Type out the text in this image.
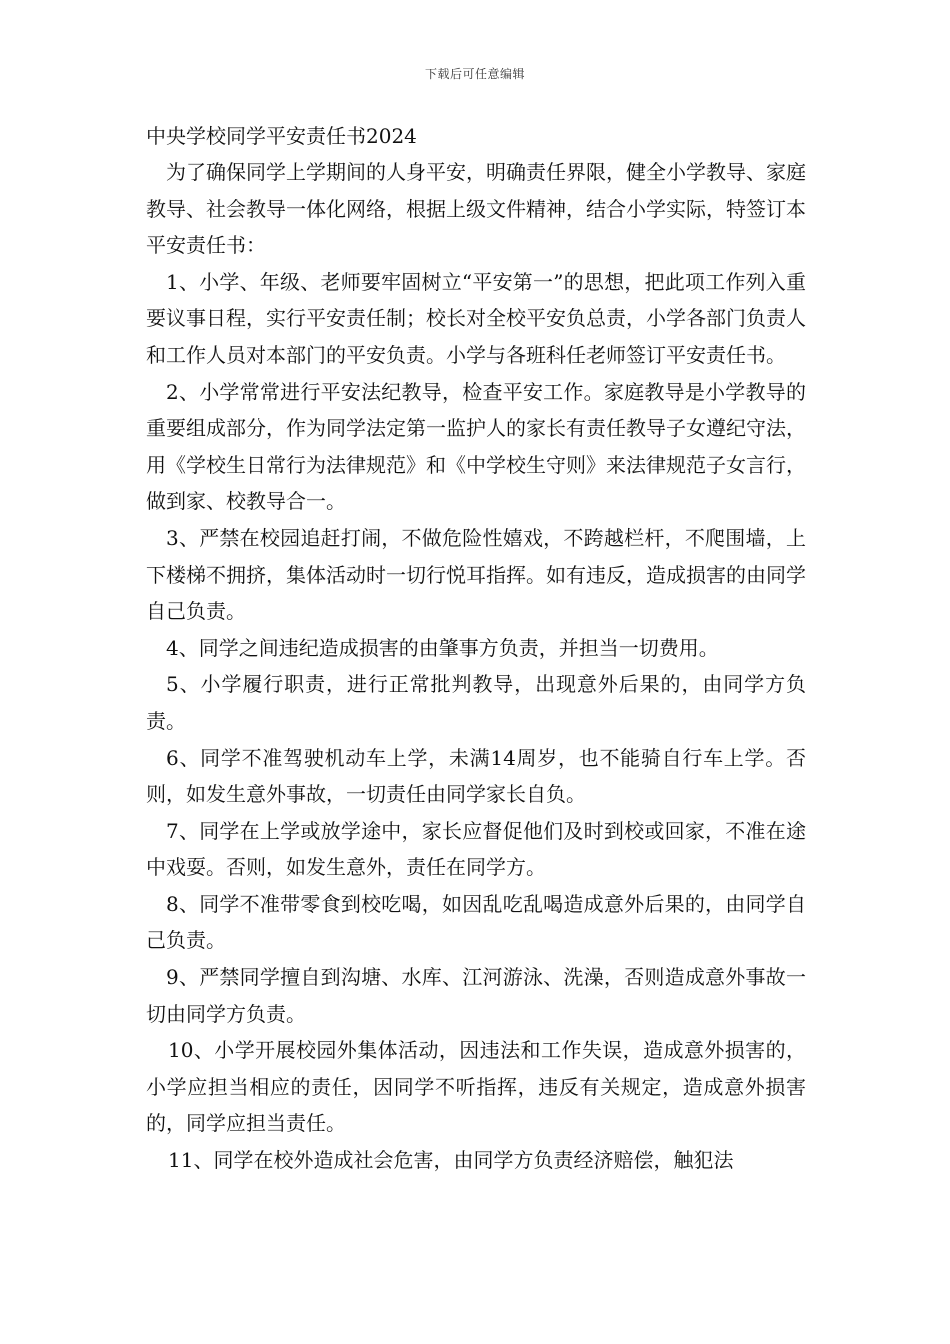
下载后可任意编辑

中央学校同学平安责任书2024

为了确保同学上学期间的人身平安，明确责任界限，健全小学教导、家庭教导、社会教导一体化网络，根据上级文件精神，结合小学实际，特签订本平安责任书：

1、小学、年级、老师要牢固树立“平安第一”的思想，把此项工作列入重要议事日程，实行平安责任制；校长对全校平安负总责，小学各部门负责人和工作人员对本部门的平安负责。小学与各班科任老师签订平安责任书。

2、小学常常进行平安法纪教导，检查平安工作。家庭教导是小学教导的重要组成部分，作为同学法定第一监护人的家长有责任教导子女遵纪守法，用《学校生日常行为法律规范》和《中学校生守则》来法律规范子女言行，做到家、校教导合一。

3、严禁在校园追赶打闹，不做危险性嬉戏，不跨越栏杆，不爬围墙，上下楼梯不拥挤，集体活动时一切行悦耳指挥。如有违反，造成损害的由同学自己负责。

4、同学之间违纪造成损害的由肇事方负责，并担当一切费用。

5、小学履行职责，进行正常批判教导，出现意外后果的，由同学方负责。

6、同学不准驾驶机动车上学，未满14周岁，也不能骑自行车上学。否则，如发生意外事故，一切责任由同学家长自负。

7、同学在上学或放学途中，家长应督促他们及时到校或回家，不准在途中戏耍。否则，如发生意外，责任在同学方。

8、同学不准带零食到校吃喝，如因乱吃乱喝造成意外后果的，由同学自己负责。

9、严禁同学擅自到沟塘、水库、江河游泳、洗澡，否则造成意外事故一切由同学方负责。

10、小学开展校园外集体活动，因违法和工作失误，造成意外损害的，小学应担当相应的责任，因同学不听指挥，违反有关规定，造成意外损害的，同学应担当责任。

11、同学在校外造成社会危害，由同学方负责经济赔偿，触犯法
